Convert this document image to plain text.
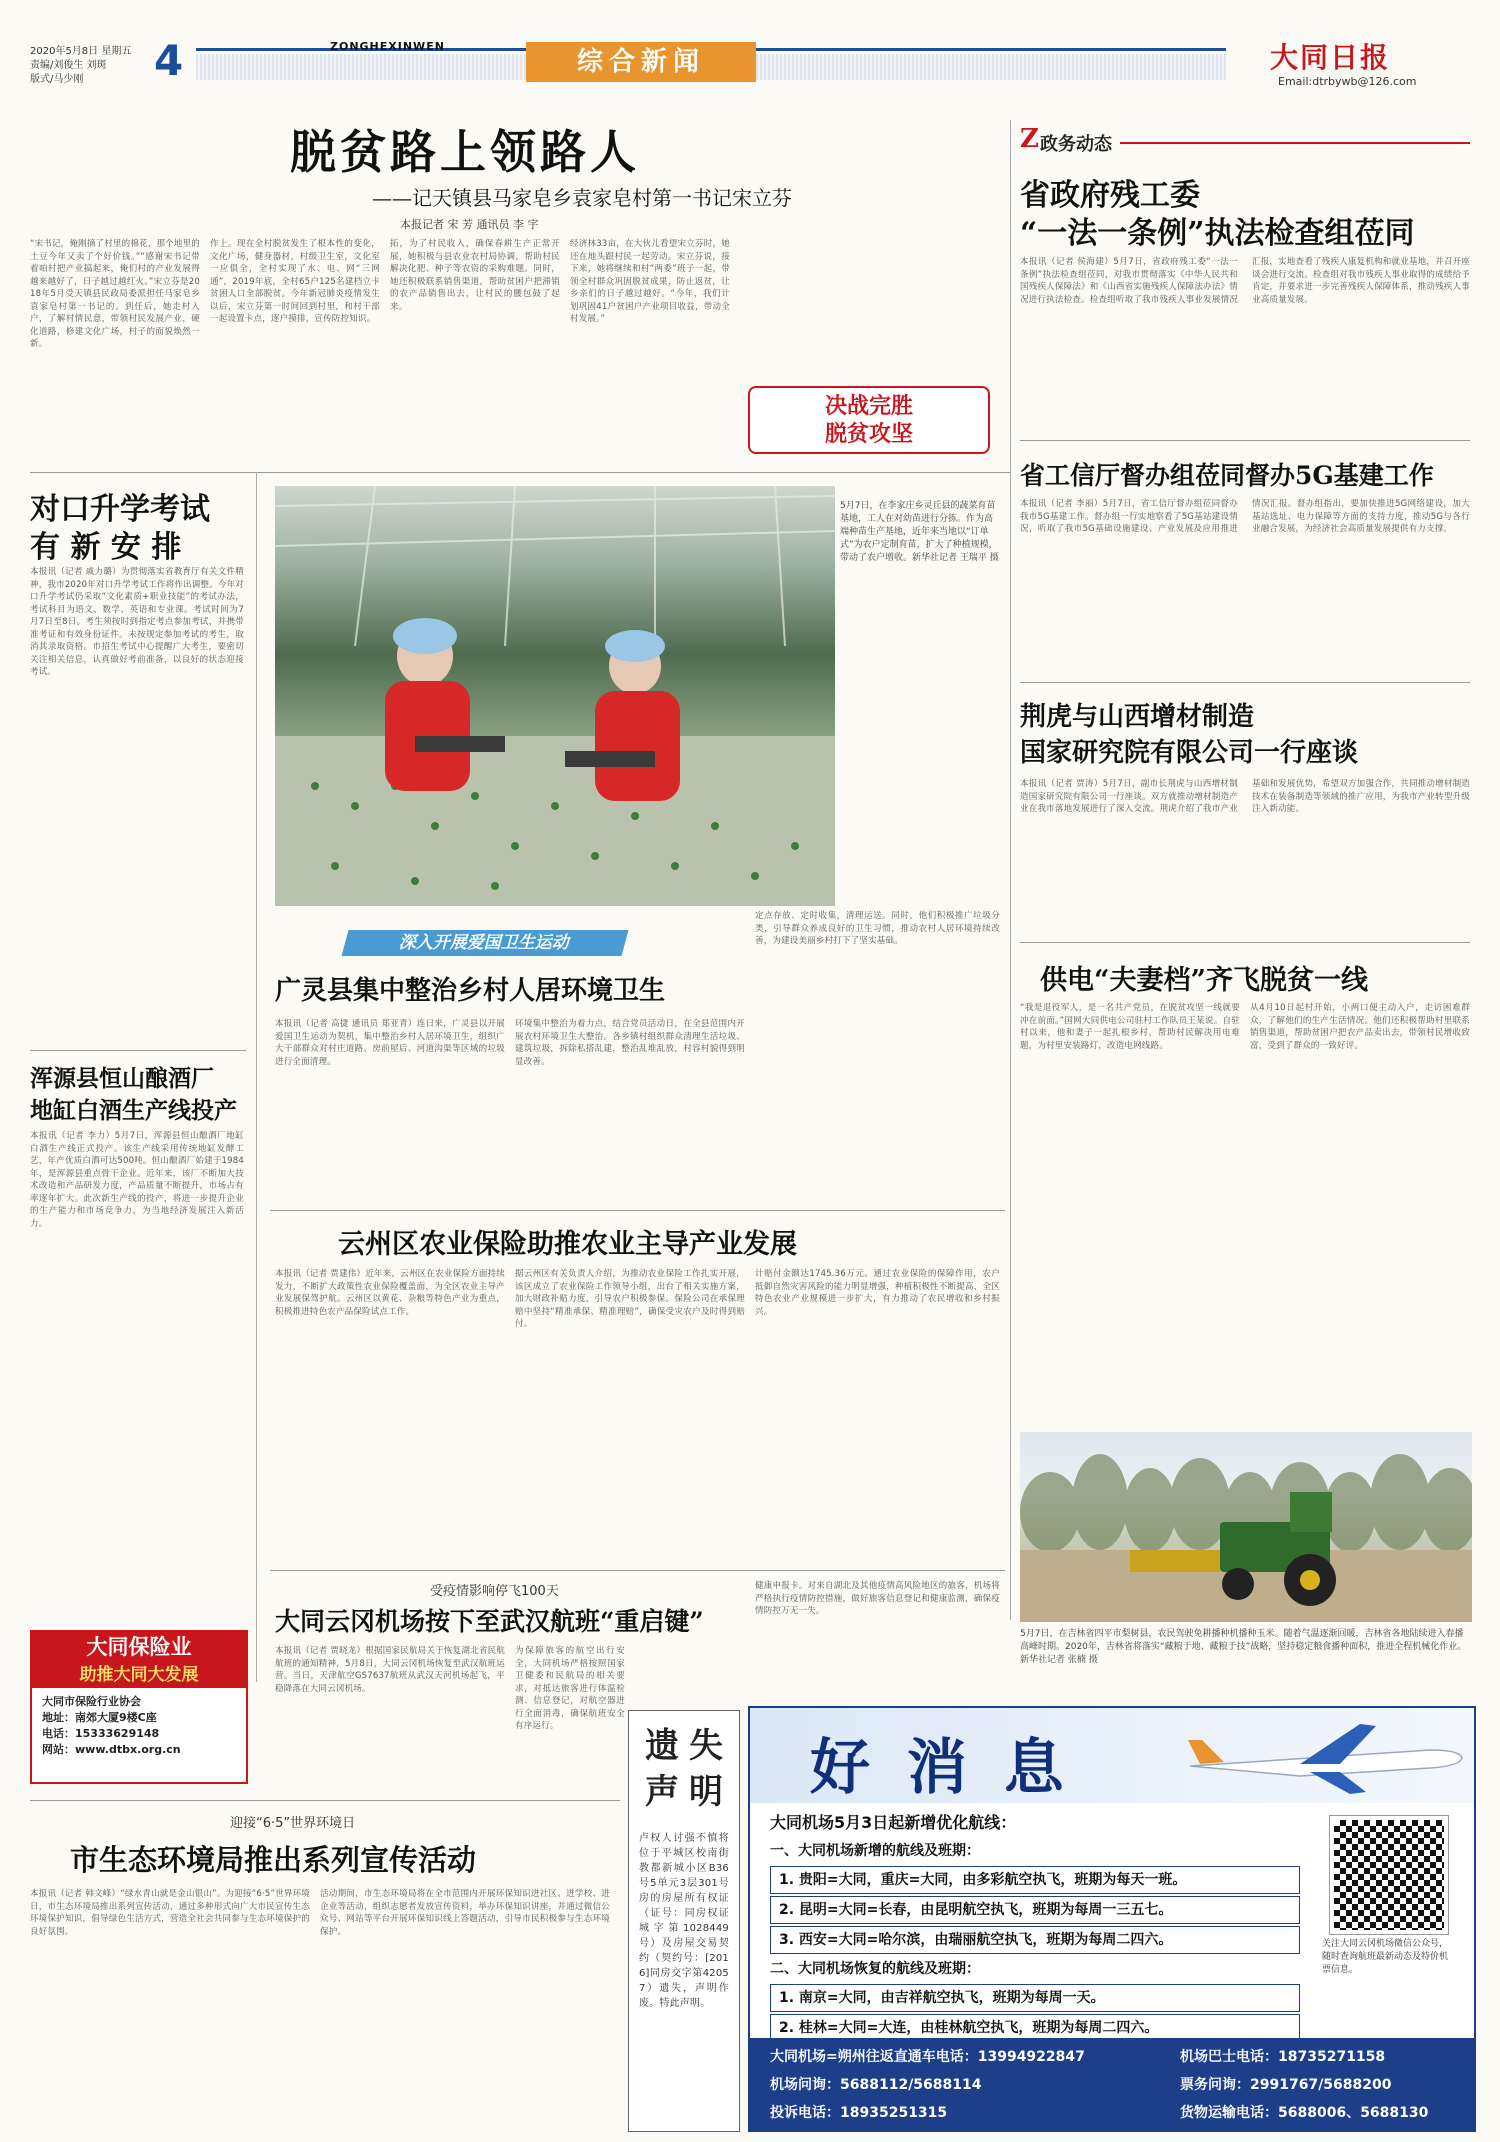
2020年5月8日 星期五
责编/刘俊生 刘斑
版式/马少刚 4	ZONGHEXINWEN
综合新闻	大同日报
Email:dtrbywb@126.com
脱贫路上领路人
——记天镇县马家皂乡袁家皂村第一书记宋立芬
本报记者 宋 芳 通讯员 李 宇
“宋书记，俺刚摘了村里的棉花，那个地里的土豆今年又卖了个好价钱。”“感谢宋书记带着咱村把产业搞起来，俺们村的产业发展得越来越好了，日子越过越红火。”宋立芬是2018年5月受天镇县民政局委派担任马家皂乡袁家皂村第一书记的。到任后，她走村入户，了解村情民意，带领村民发展产业，硬化道路，修建文化广场，村子的面貌焕然一新。
作上。现在全村脱贫发生了根本性的变化，文化广场，健身器材，村级卫生室，文化室一应俱全，全村实现了水、电、网“三网通”，2019年底，全村65户125名建档立卡贫困人口全部脱贫。今年新冠肺炎疫情发生以后，宋立芬第一时间回到村里，和村干部一起设置卡点，逐户摸排，宣传防控知识。
拓，为了村民收入，确保春耕生产正常开展，她积极与县农业农村局协调，帮助村民解决化肥、种子等农资的采购难题。同时，她还积极联系销售渠道，帮助贫困户把滞销的农产品销售出去，让村民的腰包鼓了起来。
经济林33亩，在大伙儿看望宋立芬时，她还在地头跟村民一起劳动。宋立芬说，接下来，她将继续和村“两委”班子一起，带领全村群众巩固脱贫成果，防止返贫，让乡亲们的日子越过越好。“今年，我们计划巩固41户贫困户产业项目收益，带动全村发展。”
决战完胜
脱贫攻坚
Z 政务动态
省政府残工委
“一法一条例”执法检查组莅同
本报讯（记者 侯海建）5月7日，省政府残工委“一法一条例”执法检查组莅同，对我市贯彻落实《中华人民共和国残疾人保障法》和《山西省实施残疾人保障法办法》情况进行执法检查。检查组听取了我市残疾人事业发展情况汇报，实地查看了残疾人康复机构和就业基地，并召开座谈会进行交流。检查组对我市残疾人事业取得的成绩给予肯定，并要求进一步完善残疾人保障体系，推动残疾人事业高质量发展。
省工信厅督办组莅同督办5G基建工作
本报讯（记者 李丽）5月7日，省工信厅督办组莅同督办我市5G基建工作。督办组一行实地察看了5G基站建设情况，听取了我市5G基础设施建设、产业发展及应用推进情况汇报。督办组指出，要加快推进5G网络建设，加大基站选址、电力保障等方面的支持力度，推动5G与各行业融合发展，为经济社会高质量发展提供有力支撑。
荆虎与山西增材制造
国家研究院有限公司一行座谈
本报讯（记者 贾涛）5月7日，副市长荆虎与山西增材制造国家研究院有限公司一行座谈。双方就推动增材制造产业在我市落地发展进行了深入交流。荆虎介绍了我市产业基础和发展优势，希望双方加强合作，共同推动增材制造技术在装备制造等领域的推广应用，为我市产业转型升级注入新动能。
对口升学考试
有 新 安 排
本报讯（记者 戚力璐）为贯彻落实省教育厅有关文件精神，我市2020年对口升学考试工作将作出调整。今年对口升学考试仍采取“文化素质+职业技能”的考试办法，考试科目为语文、数学、英语和专业课。考试时间为7月7日至8日。考生须按时到指定考点参加考试，并携带准考证和有效身份证件。未按规定参加考试的考生，取消其录取资格。市招生考试中心提醒广大考生，要密切关注相关信息，认真做好考前准备，以良好的状态迎接考试。
5月7日，在李家庄乡灵丘县的蔬菜育苗基地，工人在对幼苗进行分拣。作为高端种苗生产基地，近年来当地以“订单式”为农户定制育苗，扩大了种植规模，带动了农户增收。新华社记者 王瑞平 摄
深入开展爱国卫生运动
广灵县集中整治乡村人居环境卫生
本报讯（记者 高捷 通讯员 郑亚青）连日来，广灵县以开展爱国卫生运动为契机，集中整治乡村人居环境卫生，组织广大干部群众对村庄道路、房前屋后、河道沟渠等区域的垃圾进行全面清理。
环境集中整治为着力点，结合党员活动日，在全县范围内开展农村环境卫生大整治。各乡镇村组织群众清理生活垃圾、建筑垃圾，拆除私搭乱建，整治乱堆乱放，村容村貌得到明显改善。
定点存放、定时收集，清理运送。同时，他们积极推广垃圾分类，引导群众养成良好的卫生习惯，推动农村人居环境持续改善，为建设美丽乡村打下了坚实基础。
浑源县恒山酿酒厂
地缸白酒生产线投产
本报讯（记者 李力）5月7日，浑源县恒山酿酒厂地缸白酒生产线正式投产。该生产线采用传统地缸发酵工艺，年产优质白酒可达500吨。恒山酿酒厂始建于1984年，是浑源县重点骨干企业。近年来，该厂不断加大技术改造和产品研发力度，产品质量不断提升，市场占有率逐年扩大。此次新生产线的投产，将进一步提升企业的生产能力和市场竞争力，为当地经济发展注入新活力。
云州区农业保险助推农业主导产业发展
本报讯（记者 贾建伟）近年来，云州区在农业保险方面持续发力，不断扩大政策性农业保险覆盖面，为全区农业主导产业发展保驾护航。云州区以黄花、杂粮等特色产业为重点，积极推进特色农产品保险试点工作。
据云州区有关负责人介绍，为推动农业保险工作扎实开展，该区成立了农业保险工作领导小组，出台了相关实施方案，加大财政补贴力度，引导农户积极参保。保险公司在承保理赔中坚持“精准承保、精准理赔”，确保受灾农户及时得到赔付。
计赔付金额达1745.36万元。通过农业保险的保障作用，农户抵御自然灾害风险的能力明显增强，种植积极性不断提高，全区特色农业产业规模进一步扩大，有力推动了农民增收和乡村振兴。
供电“夫妻档”齐飞脱贫一线
“我是退役军人，是一名共产党员，在脱贫攻坚一线就要冲在前面。”国网大同供电公司驻村工作队员王某说。自驻村以来，他和妻子一起扎根乡村，帮助村民解决用电难题，为村里安装路灯，改造电网线路。
从4月10日起村开始，小两口便主动入户，走访困难群众，了解他们的生产生活情况。他们还积极帮助村里联系销售渠道，帮助贫困户把农产品卖出去，带领村民增收致富，受到了群众的一致好评。
5月7日，在吉林省四平市梨树县，农民驾驶免耕播种机播种玉米。随着气温逐渐回暖，吉林省各地陆续进入春播高峰时期。2020年，吉林省将落实“藏粮于地、藏粮于技”战略，坚持稳定粮食播种面积，推进全程机械化作业。新华社记者 张楠 摄
受疫情影响停飞100天
大同云冈机场按下至武汉航班“重启键”
本报讯（记者 贾晓龙）根据国家民航局关于恢复湖北省民航航班的通知精神，5月8日，大同云冈机场恢复至武汉航班运营。当日，天津航空GS7637航班从武汉天河机场起飞，平稳降落在大同云冈机场。
为保障旅客的航空出行安全，大同机场严格按照国家卫健委和民航局的相关要求，对抵达旅客进行体温检测、信息登记，对航空器进行全面消毒，确保航班安全有序运行。
健康申报卡。对来自湖北及其他疫情高风险地区的旅客，机场将严格执行疫情防控措施，做好旅客信息登记和健康监测，确保疫情防控万无一失。
大同保险业
助推大同大发展
大同市保险行业协会
地址：南郊大厦9楼C座
电话：15333629148
网站：www.dtbx.org.cn
迎接“6·5”世界环境日
市生态环境局推出系列宣传活动
本报讯（记者 韩文峰）“绿水青山就是金山银山”。为迎接“6·5”世界环境日，市生态环境局推出系列宣传活动，通过多种形式向广大市民宣传生态环境保护知识，倡导绿色生活方式，营造全社会共同参与生态环境保护的良好氛围。
活动期间，市生态环境局将在全市范围内开展环保知识进社区、进学校、进企业等活动，组织志愿者发放宣传资料，举办环保知识讲座，并通过微信公众号、网站等平台开展环保知识线上答题活动，引导市民积极参与生态环境保护。
遗
声
失
明
卢权人讨强不慎将位于平城区校南街教都新城小区B36号5单元3层301号房的房屋所有权证（证号：同房权证城字第1028449号）及房屋交易契约（契约号：[2016]同房交字第42057）遗失，声明作废。特此声明。
好 消 息
大同机场5月3日起新增优化航线：
一、大同机场新增的航线及班期：
1. 贵阳=大同，重庆=大同，由多彩航空执飞，班期为每天一班。
2. 昆明=大同=长春，由昆明航空执飞，班期为每周一三五七。
3. 西安=大同=哈尔滨，由瑞丽航空执飞，班期为每周二四六。
二、大同机场恢复的航线及班期：
1. 南京=大同，由吉祥航空执飞，班期为每周一天。
2. 桂林=大同=大连，由桂林航空执飞，班期为每周二四六。
关注大同云冈机场微信公众号，随时查询航班最新动态及特价机票信息。
大同机场=朔州往返直通车电话：13994922847	机场巴士电话：18735271158
机场问询：5688112/5688114	票务问询：2991767/5688200
投诉电话：18935251315	货物运输电话：5688006、5688130
